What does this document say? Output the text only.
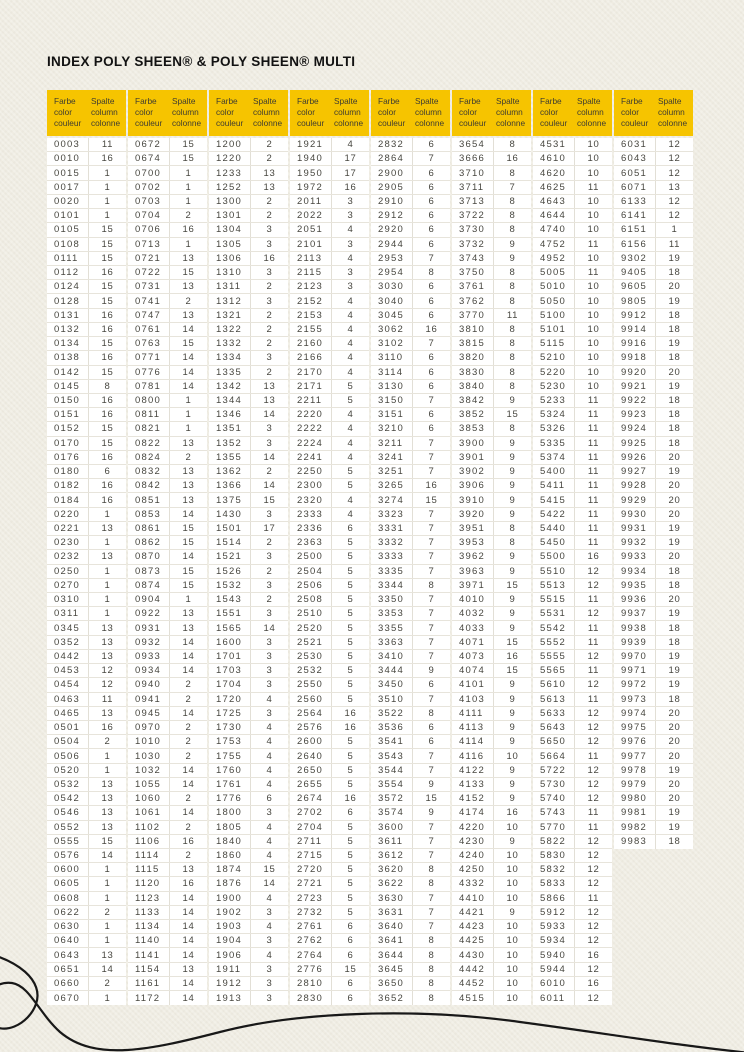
INDEX POLY SHEEN® & POLY SHEEN® MULTI
Farbe
color
couleur
Spalte
column
colonne
0003	11
0010	16
0015	1
0017	1
0020	1
0101	1
0105	15
0108	15
0111	15
0112	16
0124	15
0128	15
0131	16
0132	16
0134	15
0138	16
0142	15
0145	8
0150	16
0151	16
0152	15
0170	15
0176	16
0180	6
0182	16
0184	16
0220	1
0221	13
0230	1
0232	13
0250	1
0270	1
0310	1
0311	1
0345	13
0352	13
0442	13
0453	12
0454	12
0463	11
0465	13
0501	16
0504	2
0506	1
0520	1
0532	13
0542	13
0546	13
0552	13
0555	15
0576	14
0600	1
0605	1
0608	1
0622	2
0630	1
0640	1
0643	13
0651	14
0660	2
0670	1
Farbe
color
couleur
Spalte
column
colonne
0672	15
0674	15
0700	1
0702	1
0703	1
0704	2
0706	16
0713	1
0721	13
0722	15
0731	13
0741	2
0747	13
0761	14
0763	15
0771	14
0776	14
0781	14
0800	1
0811	1
0821	1
0822	13
0824	2
0832	13
0842	13
0851	13
0853	14
0861	15
0862	15
0870	14
0873	15
0874	15
0904	1
0922	13
0931	13
0932	14
0933	14
0934	14
0940	2
0941	2
0945	14
0970	2
1010	2
1030	2
1032	14
1055	14
1060	2
1061	14
1102	2
1106	16
1114	2
1115	13
1120	16
1123	14
1133	14
1134	14
1140	14
1141	14
1154	13
1161	14
1172	14
Farbe
color
couleur
Spalte
column
colonne
1200	2
1220	2
1233	13
1252	13
1300	2
1301	2
1304	3
1305	3
1306	16
1310	3
1311	2
1312	3
1321	2
1322	2
1332	2
1334	3
1335	2
1342	13
1344	13
1346	14
1351	3
1352	3
1355	14
1362	2
1366	14
1375	15
1430	3
1501	17
1514	2
1521	3
1526	2
1532	3
1543	2
1551	3
1565	14
1600	3
1701	3
1703	3
1704	3
1720	4
1725	3
1730	4
1753	4
1755	4
1760	4
1761	4
1776	6
1800	3
1805	4
1840	4
1860	4
1874	15
1876	14
1900	4
1902	3
1903	4
1904	3
1906	4
1911	3
1912	3
1913	3
Farbe
color
couleur
Spalte
column
colonne
1921	4
1940	17
1950	17
1972	16
2011	3
2022	3
2051	4
2101	3
2113	4
2115	3
2123	3
2152	4
2153	4
2155	4
2160	4
2166	4
2170	4
2171	5
2211	5
2220	4
2222	4
2224	4
2241	4
2250	5
2300	5
2320	4
2333	4
2336	6
2363	5
2500	5
2504	5
2506	5
2508	5
2510	5
2520	5
2521	5
2530	5
2532	5
2550	5
2560	5
2564	16
2576	16
2600	5
2640	5
2650	5
2655	5
2674	16
2702	6
2704	5
2711	5
2715	5
2720	5
2721	5
2723	5
2732	5
2761	6
2762	6
2764	6
2776	15
2810	6
2830	6
Farbe
color
couleur
Spalte
column
colonne
2832	6
2864	7
2900	6
2905	6
2910	6
2912	6
2920	6
2944	6
2953	7
2954	8
3030	6
3040	6
3045	6
3062	16
3102	7
3110	6
3114	6
3130	6
3150	7
3151	6
3210	6
3211	7
3241	7
3251	7
3265	16
3274	15
3323	7
3331	7
3332	7
3333	7
3335	7
3344	8
3350	7
3353	7
3355	7
3363	7
3410	7
3444	9
3450	6
3510	7
3522	8
3536	6
3541	6
3543	7
3544	7
3554	9
3572	15
3574	9
3600	7
3611	7
3612	7
3620	8
3622	8
3630	7
3631	7
3640	7
3641	8
3644	8
3645	8
3650	8
3652	8
Farbe
color
couleur
Spalte
column
colonne
3654	8
3666	16
3710	8
3711	7
3713	8
3722	8
3730	8
3732	9
3743	9
3750	8
3761	8
3762	8
3770	11
3810	8
3815	8
3820	8
3830	8
3840	8
3842	9
3852	15
3853	8
3900	9
3901	9
3902	9
3906	9
3910	9
3920	9
3951	8
3953	8
3962	9
3963	9
3971	15
4010	9
4032	9
4033	9
4071	15
4073	16
4074	15
4101	9
4103	9
4111	9
4113	9
4114	9
4116	10
4122	9
4133	9
4152	9
4174	16
4220	10
4230	9
4240	10
4250	10
4332	10
4410	10
4421	9
4423	10
4425	10
4430	10
4442	10
4452	10
4515	10
Farbe
color
couleur
Spalte
column
colonne
4531	10
4610	10
4620	10
4625	11
4643	10
4644	10
4740	10
4752	11
4952	10
5005	11
5010	10
5050	10
5100	10
5101	10
5115	10
5210	10
5220	10
5230	10
5233	11
5324	11
5326	11
5335	11
5374	11
5400	11
5411	11
5415	11
5422	11
5440	11
5450	11
5500	16
5510	12
5513	12
5515	11
5531	12
5542	11
5552	11
5555	12
5565	11
5610	12
5613	11
5633	12
5643	12
5650	12
5664	11
5722	12
5730	12
5740	12
5743	11
5770	11
5822	12
5830	12
5832	12
5833	12
5866	11
5912	12
5933	12
5934	12
5940	16
5944	12
6010	16
6011	12
Farbe
color
couleur
Spalte
column
colonne
6031	12
6043	12
6051	12
6071	13
6133	12
6141	12
6151	1
6156	11
9302	19
9405	18
9605	20
9805	19
9912	18
9914	18
9916	19
9918	18
9920	20
9921	19
9922	18
9923	18
9924	18
9925	18
9926	20
9927	19
9928	20
9929	20
9930	20
9931	19
9932	19
9933	20
9934	18
9935	18
9936	20
9937	19
9938	18
9939	18
9970	19
9971	19
9972	19
9973	18
9974	20
9975	20
9976	20
9977	20
9978	19
9979	20
9980	20
9981	19
9982	19
9983	18
